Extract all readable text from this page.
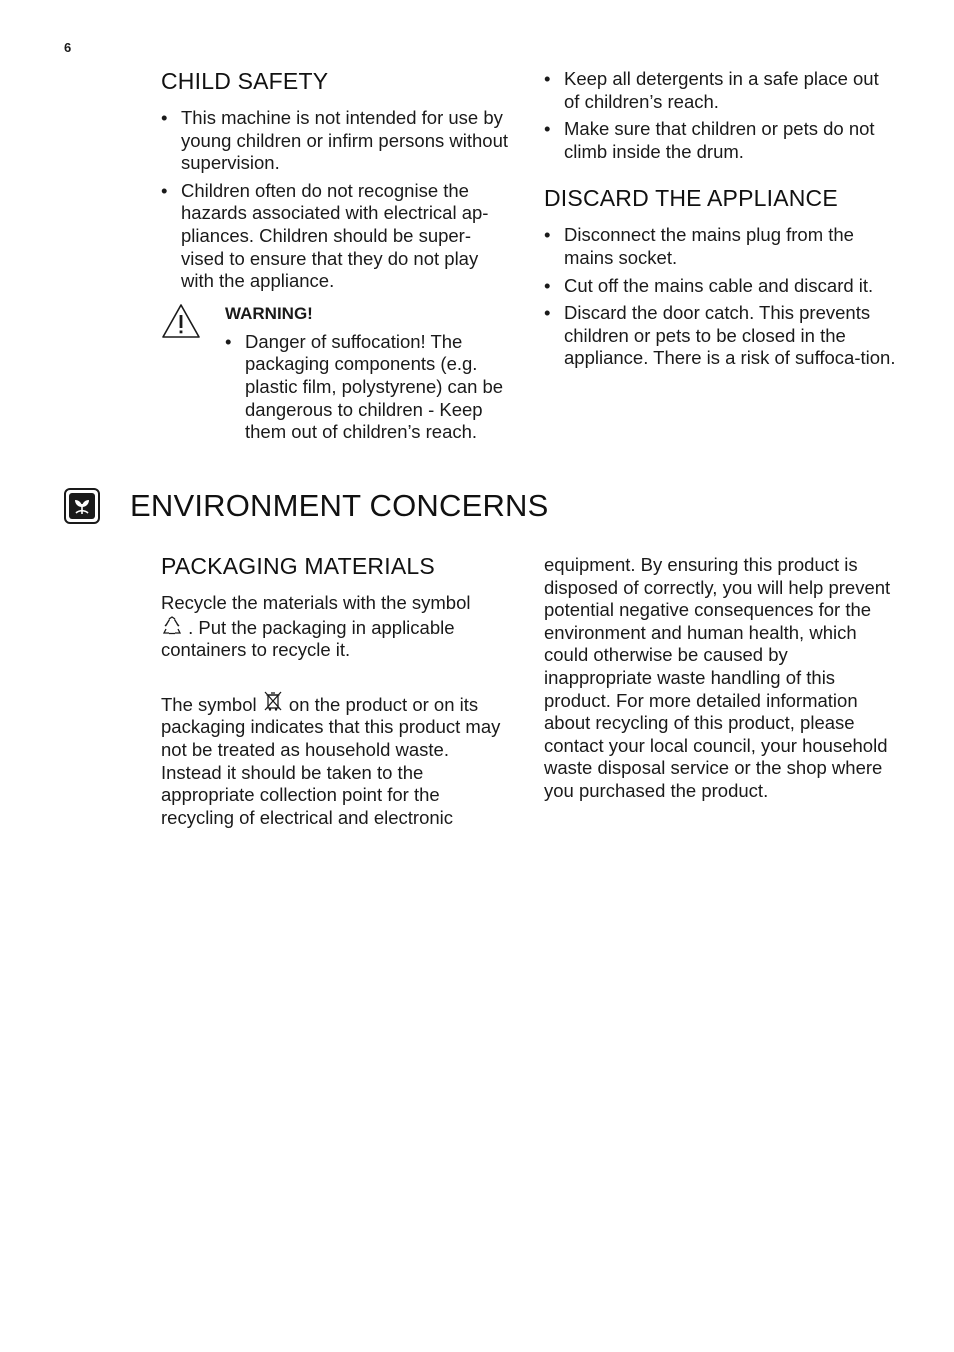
6
CHILD SAFETY
• This machine is not intended for use by young children or infirm persons without supervision.
• Children often do not recognise the hazards associated with electrical ap-pliances. Children should be super-vised to ensure that they do not play with the appliance.
WARNING!
• Danger of suffocation! The packaging components (e.g. plastic film, polystyrene) can be dangerous to children - Keep them out of children’s reach.
• Keep all detergents in a safe place out of children’s reach.
• Make sure that children or pets do not climb inside the drum.
DISCARD THE APPLIANCE
• Disconnect the mains plug from the mains socket.
• Cut off the mains cable and discard it.
• Discard the door catch. This prevents children or pets to be closed in the appliance. There is a risk of suffoca-tion.
ENVIRONMENT CONCERNS
PACKAGING MATERIALS

Recycle the materials with the symbol
. Put the packaging in applicable containers to recycle it.

The symbol on the product or on its packaging indicates that this product may not be treated as household waste. Instead it should be taken to the appropriate collection point for the recycling of electrical and electronic

equipment. By ensuring this product is disposed of correctly, you will help prevent potential negative consequences for the environment and human health, which could otherwise be caused by inappropriate waste handling of this product. For more detailed information about recycling of this product, please contact your local council, your household waste disposal service or the shop where you purchased the product.
